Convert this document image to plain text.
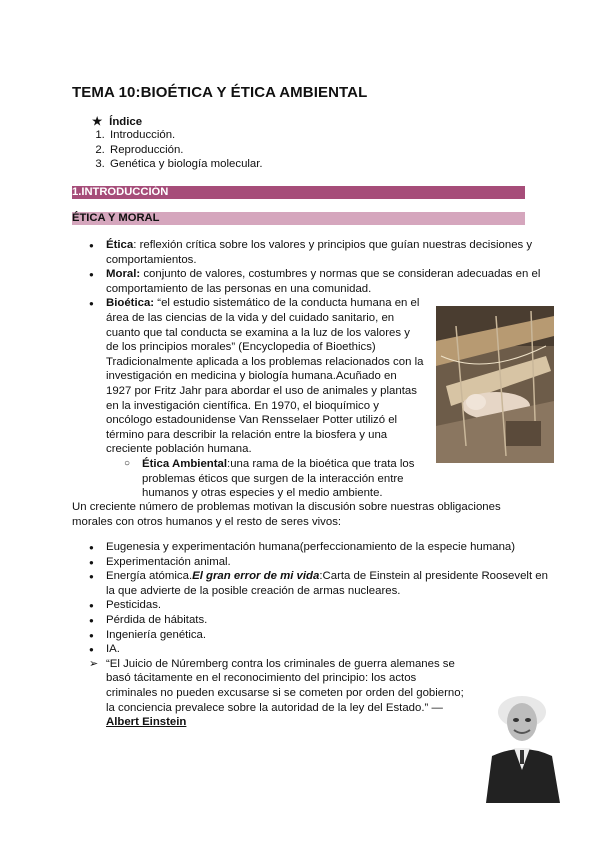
TEMA 10:BIOÉTICA Y ÉTICA AMBIENTAL
★ Índice
1. Introducción.
2. Reproducción.
3. Genética y biología molecular.
1.INTRODUCCIÓN
ÉTICA Y MORAL
● Ética: reflexión crítica sobre los valores y principios que guían nuestras decisiones y comportamientos.
● Moral: conjunto de valores, costumbres y normas que se consideran adecuadas en el comportamiento de las personas en una comunidad.
● Bioética: “el estudio sistemático de la conducta humana en el área de las ciencias de la vida y del cuidado sanitario, en cuanto que tal conducta se examina a la luz de los valores y de los principios morales” (Encyclopedia of Bioethics) Tradicionalmente aplicada a los problemas relacionados con la investigación en medicina y biología humana.Acuñado en 1927 por Fritz Jahr para abordar el uso de animales y plantas en la investigación científica. En 1970, el bioquímico y oncólogo estadounidense Van Rensselaer Potter utilizó el término para describir la relación entre la biosfera y una creciente población humana.
○ Ética Ambiental:una rama de la bioética que trata los problemas éticos que surgen de la interacción entre humanos y otras especies y el medio ambiente.
Un creciente número de problemas motivan la discusión sobre nuestras obligaciones morales con otros humanos y el resto de seres vivos:
● Eugenesia y experimentación humana(perfeccionamiento de la especie humana)
● Experimentación animal.
● Energía atómica.El gran error de mi vida:Carta de Einstein al presidente Roosevelt en la que advierte de la posible creación de armas nucleares.
● Pesticidas.
● Pérdida de hábitats.
● Ingeniería genética.
● IA.
➢ “El Juicio de Núremberg contra los criminales de guerra alemanes se basó tácitamente en el reconocimiento del principio: los actos criminales no pueden excusarse si se cometen por orden del gobierno; la conciencia prevalece sobre la autoridad de la ley del Estado.” — Albert Einstein
